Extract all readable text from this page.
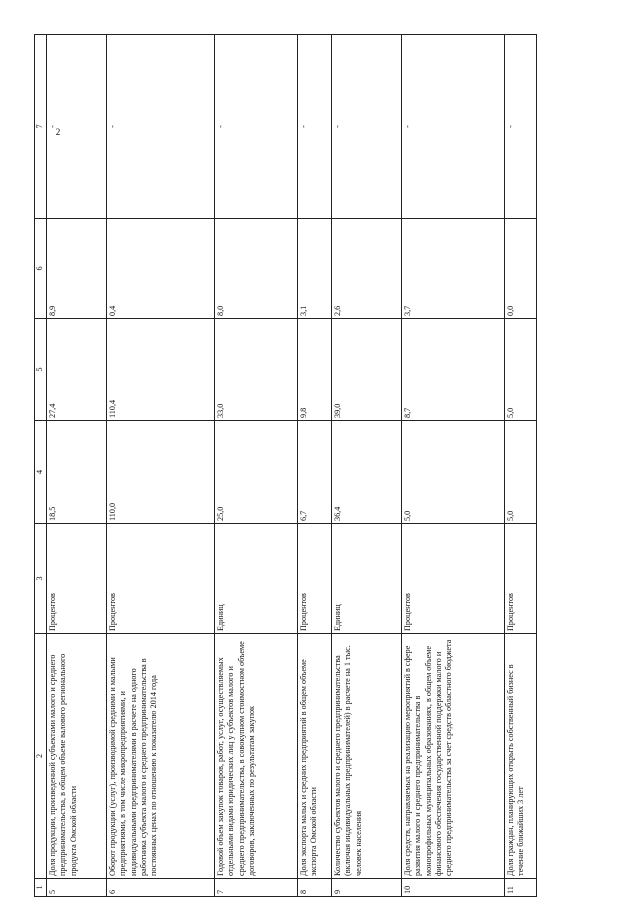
2
1	2	3	4	5	6	7
5	Доля продукции, произведенной субъектами малого и среднего предпринимательства, в общем объеме валового регионального продукта Омской области	Процентов	18,5	27,4	8,9	-
6	Оборот продукции (услуг), производимой средними и малыми предприятиями, в том числе микропредприятиями, и индивидуальными предпринимателями в расчете на одного работника субъекта малого и среднего предпринимательства в постоянных ценах по отношению к показателю 2014 года	Процентов	110,0	110,4	0,4	-
7	Годовой объем закупок товаров, работ, услуг, осуществляемых отдельными видами юридических лиц у субъектов малого и среднего предпринимательства, в совокупном стоимостном объеме договоров, заключенных по результатам закупок	Единиц	25,0	33,0	8,0	-
8	Доля экспорта малых и средних предприятий в общем объеме экспорта Омской области	Процентов	6,7	9,8	3,1	-
9	Количество субъектов малого и среднего предпринимательства (включая индивидуальных предпринимателей) в расчете на 1 тыс. человек населения	Единиц	36,4	39,0	2,6	-
10	Доля средств, направляемых на реализацию мероприятий в сфере развития малого и среднего предпринимательства в монопрофильных муниципальных образованиях, в общем объеме финансового обеспечения государственной поддержки малого и среднего предпринимательства за счет средств областного бюджета	Процентов	5,0	8,7	3,7	-
11	Доля граждан, планирующих открыть собственный бизнес в течение ближайших 3 лет	Процентов	5,0	5,0	0,0	-
